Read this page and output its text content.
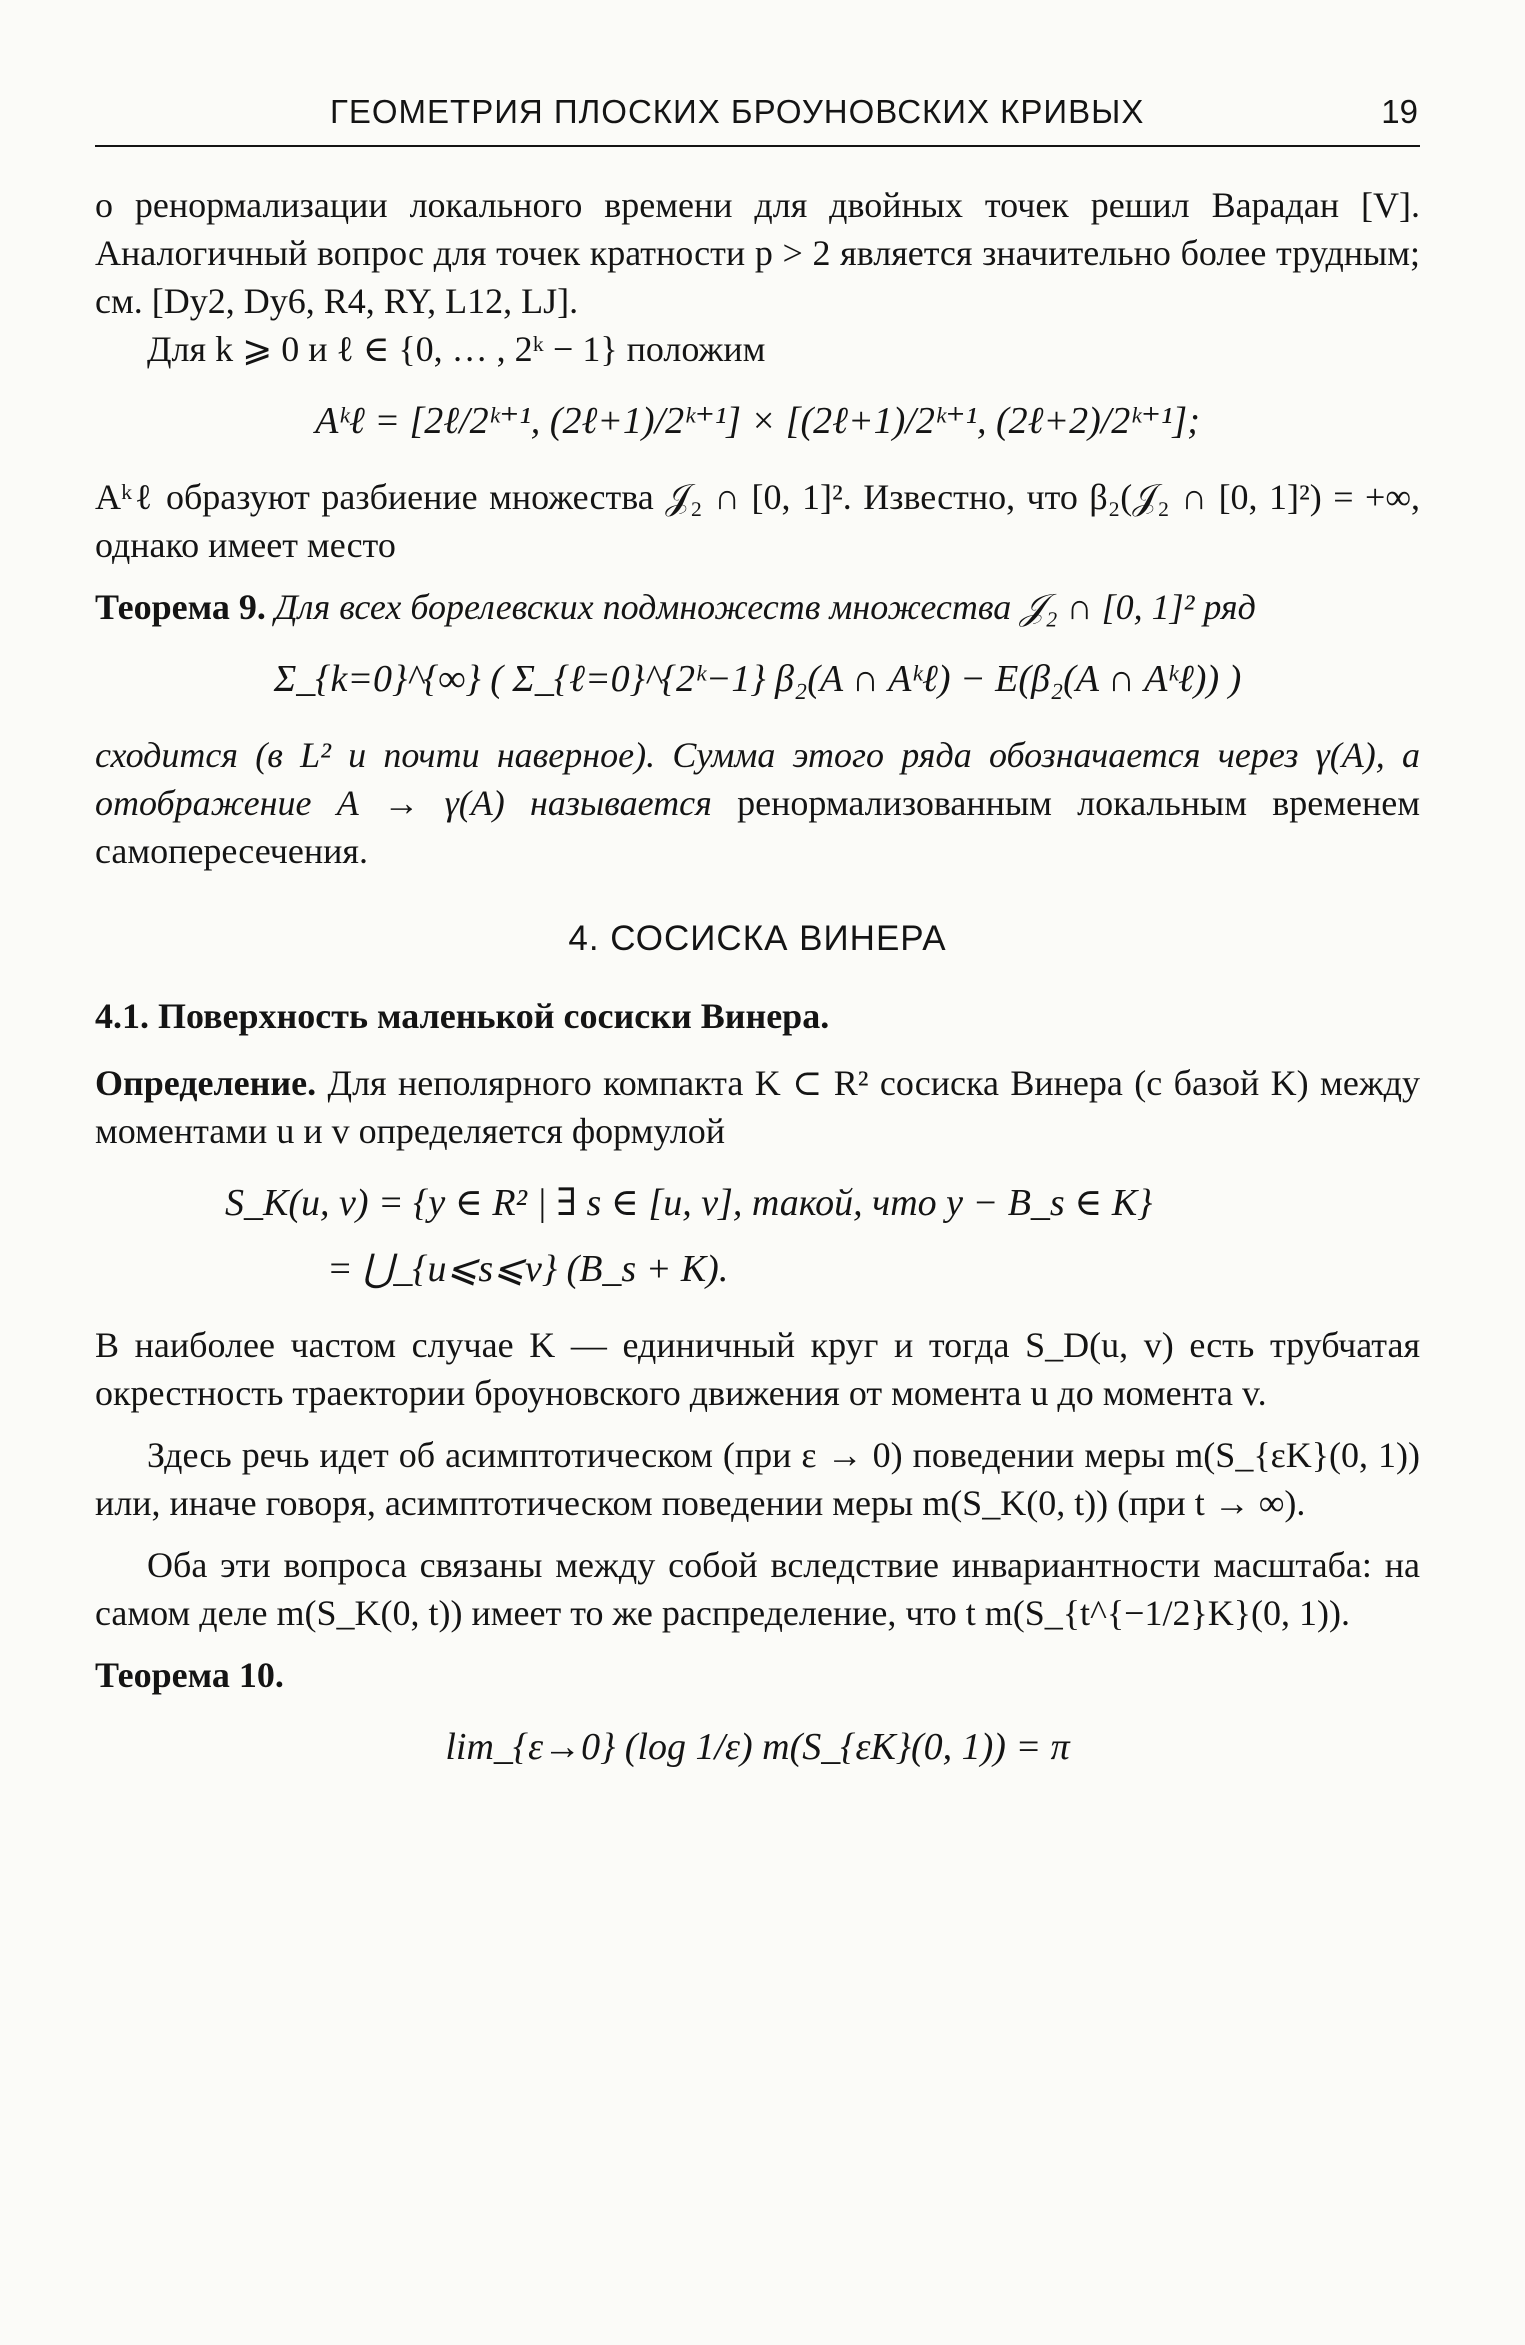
ГЕОМЕТРИЯ ПЛОСКИХ БРОУНОВСКИХ КРИВЫХ	19

о ренормализации локального времени для двойных точек решил Варадан [V]. Аналогичный вопрос для точек кратности p > 2 является значительно более трудным; см. [Dy2, Dy6, R4, RY, L12, LJ].

Для k ⩾ 0 и ℓ ∈ {0, … , 2ᵏ − 1} положим

Aᵏℓ = [2ℓ/2ᵏ⁺¹, (2ℓ+1)/2ᵏ⁺¹] × [(2ℓ+1)/2ᵏ⁺¹, (2ℓ+2)/2ᵏ⁺¹];

Aᵏℓ образуют разбиение множества 𝒥₂ ∩ [0, 1]². Известно, что β₂(𝒥₂ ∩ [0, 1]²) = +∞, однако имеет место

Теорема 9. Для всех борелевских подмножеств множества 𝒥₂ ∩ [0, 1]² ряд

Σ_{k=0}^{∞} ( Σ_{ℓ=0}^{2ᵏ−1} β₂(A ∩ Aᵏℓ) − E(β₂(A ∩ Aᵏℓ)) )

сходится (в L² и почти наверное). Сумма этого ряда обозначается через γ(A), а отображение A → γ(A) называется ренормализованным локальным временем самопересечения.

4. СОСИСКА ВИНЕРА
4.1. Поверхность маленькой сосиски Винера.

Определение. Для неполярного компакта K ⊂ R² сосиска Винера (с базой K) между моментами u и v определяется формулой

S_K(u, v) = {y ∈ R² | ∃ s ∈ [u, v], такой, что y − B_s ∈ K}
= ⋃_{u⩽s⩽v} (B_s + K).

В наиболее частом случае K — единичный круг и тогда S_D(u, v) есть трубчатая окрестность траектории броуновского движения от момента u до момента v.

Здесь речь идет об асимптотическом (при ε → 0) поведении меры m(S_{εK}(0, 1)) или, иначе говоря, асимптотическом поведении меры m(S_K(0, t)) (при t → ∞).

Оба эти вопроса связаны между собой вследствие инвариантности масштаба: на самом деле m(S_K(0, t)) имеет то же распределение, что t m(S_{t^{−1/2}K}(0, 1)).

Теорема 10.

lim_{ε→0} (log 1/ε) m(S_{εK}(0, 1)) = π
